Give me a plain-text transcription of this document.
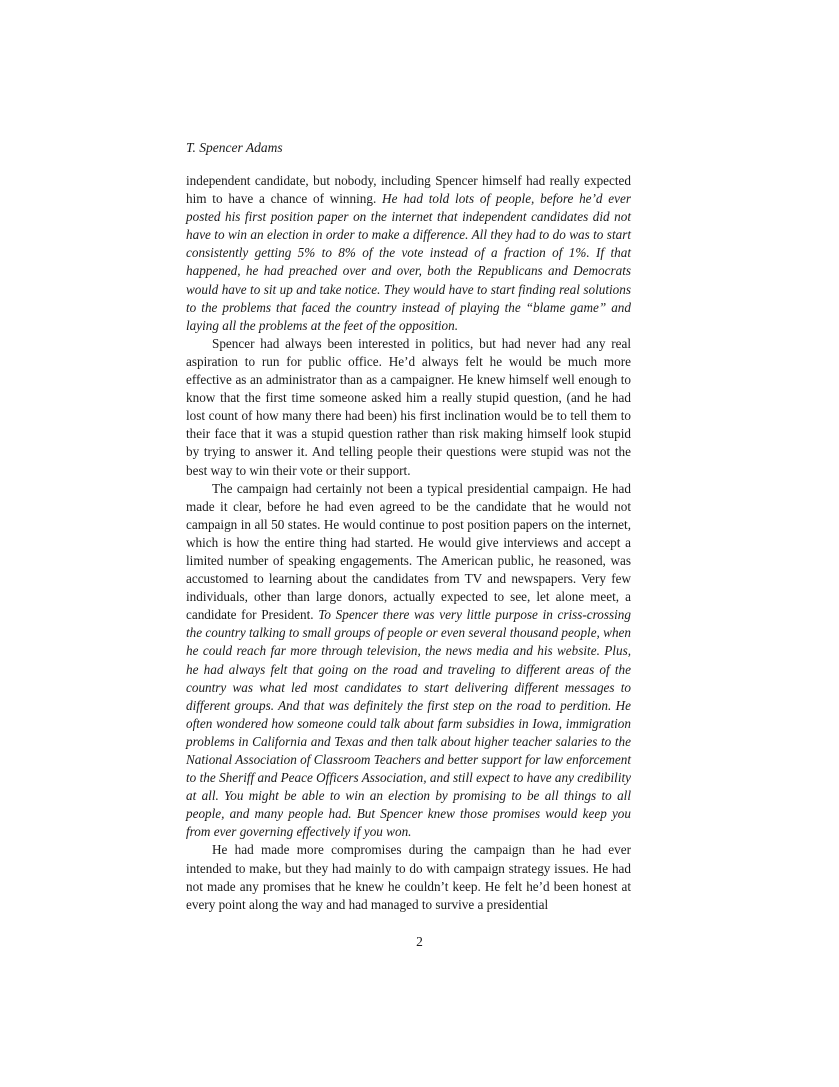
T. Spencer Adams

independent candidate, but nobody, including Spencer himself had really expected him to have a chance of winning. He had told lots of people, before he’d ever posted his first position paper on the internet that independent candidates did not have to win an election in order to make a difference. All they had to do was to start consistently getting 5% to 8% of the vote instead of a fraction of 1%. If that happened, he had preached over and over, both the Republicans and Democrats would have to sit up and take notice. They would have to start finding real solutions to the problems that faced the country instead of playing the “blame game” and laying all the problems at the feet of the opposition.

Spencer had always been interested in politics, but had never had any real aspiration to run for public office. He’d always felt he would be much more effective as an administrator than as a campaigner. He knew himself well enough to know that the first time someone asked him a really stupid question, (and he had lost count of how many there had been) his first inclination would be to tell them to their face that it was a stupid question rather than risk making himself look stupid by trying to answer it. And telling people their questions were stupid was not the best way to win their vote or their support.

The campaign had certainly not been a typical presidential campaign. He had made it clear, before he had even agreed to be the candidate that he would not campaign in all 50 states. He would continue to post position papers on the internet, which is how the entire thing had started. He would give interviews and accept a limited number of speaking engagements. The American public, he reasoned, was accustomed to learning about the candidates from TV and newspapers. Very few individuals, other than large donors, actually expected to see, let alone meet, a candidate for President. To Spencer there was very little purpose in criss-crossing the country talking to small groups of people or even several thousand people, when he could reach far more through television, the news media and his website. Plus, he had always felt that going on the road and traveling to different areas of the country was what led most candidates to start delivering different messages to different groups. And that was definitely the first step on the road to perdition. He often wondered how someone could talk about farm subsidies in Iowa, immigration problems in California and Texas and then talk about higher teacher salaries to the National Association of Classroom Teachers and better support for law enforcement to the Sheriff and Peace Officers Association, and still expect to have any credibility at all. You might be able to win an election by promising to be all things to all people, and many people had. But Spencer knew those promises would keep you from ever governing effectively if you won.

He had made more compromises during the campaign than he had ever intended to make, but they had mainly to do with campaign strategy issues. He had not made any promises that he knew he couldn’t keep. He felt he’d been honest at every point along the way and had managed to survive a presidential

2
